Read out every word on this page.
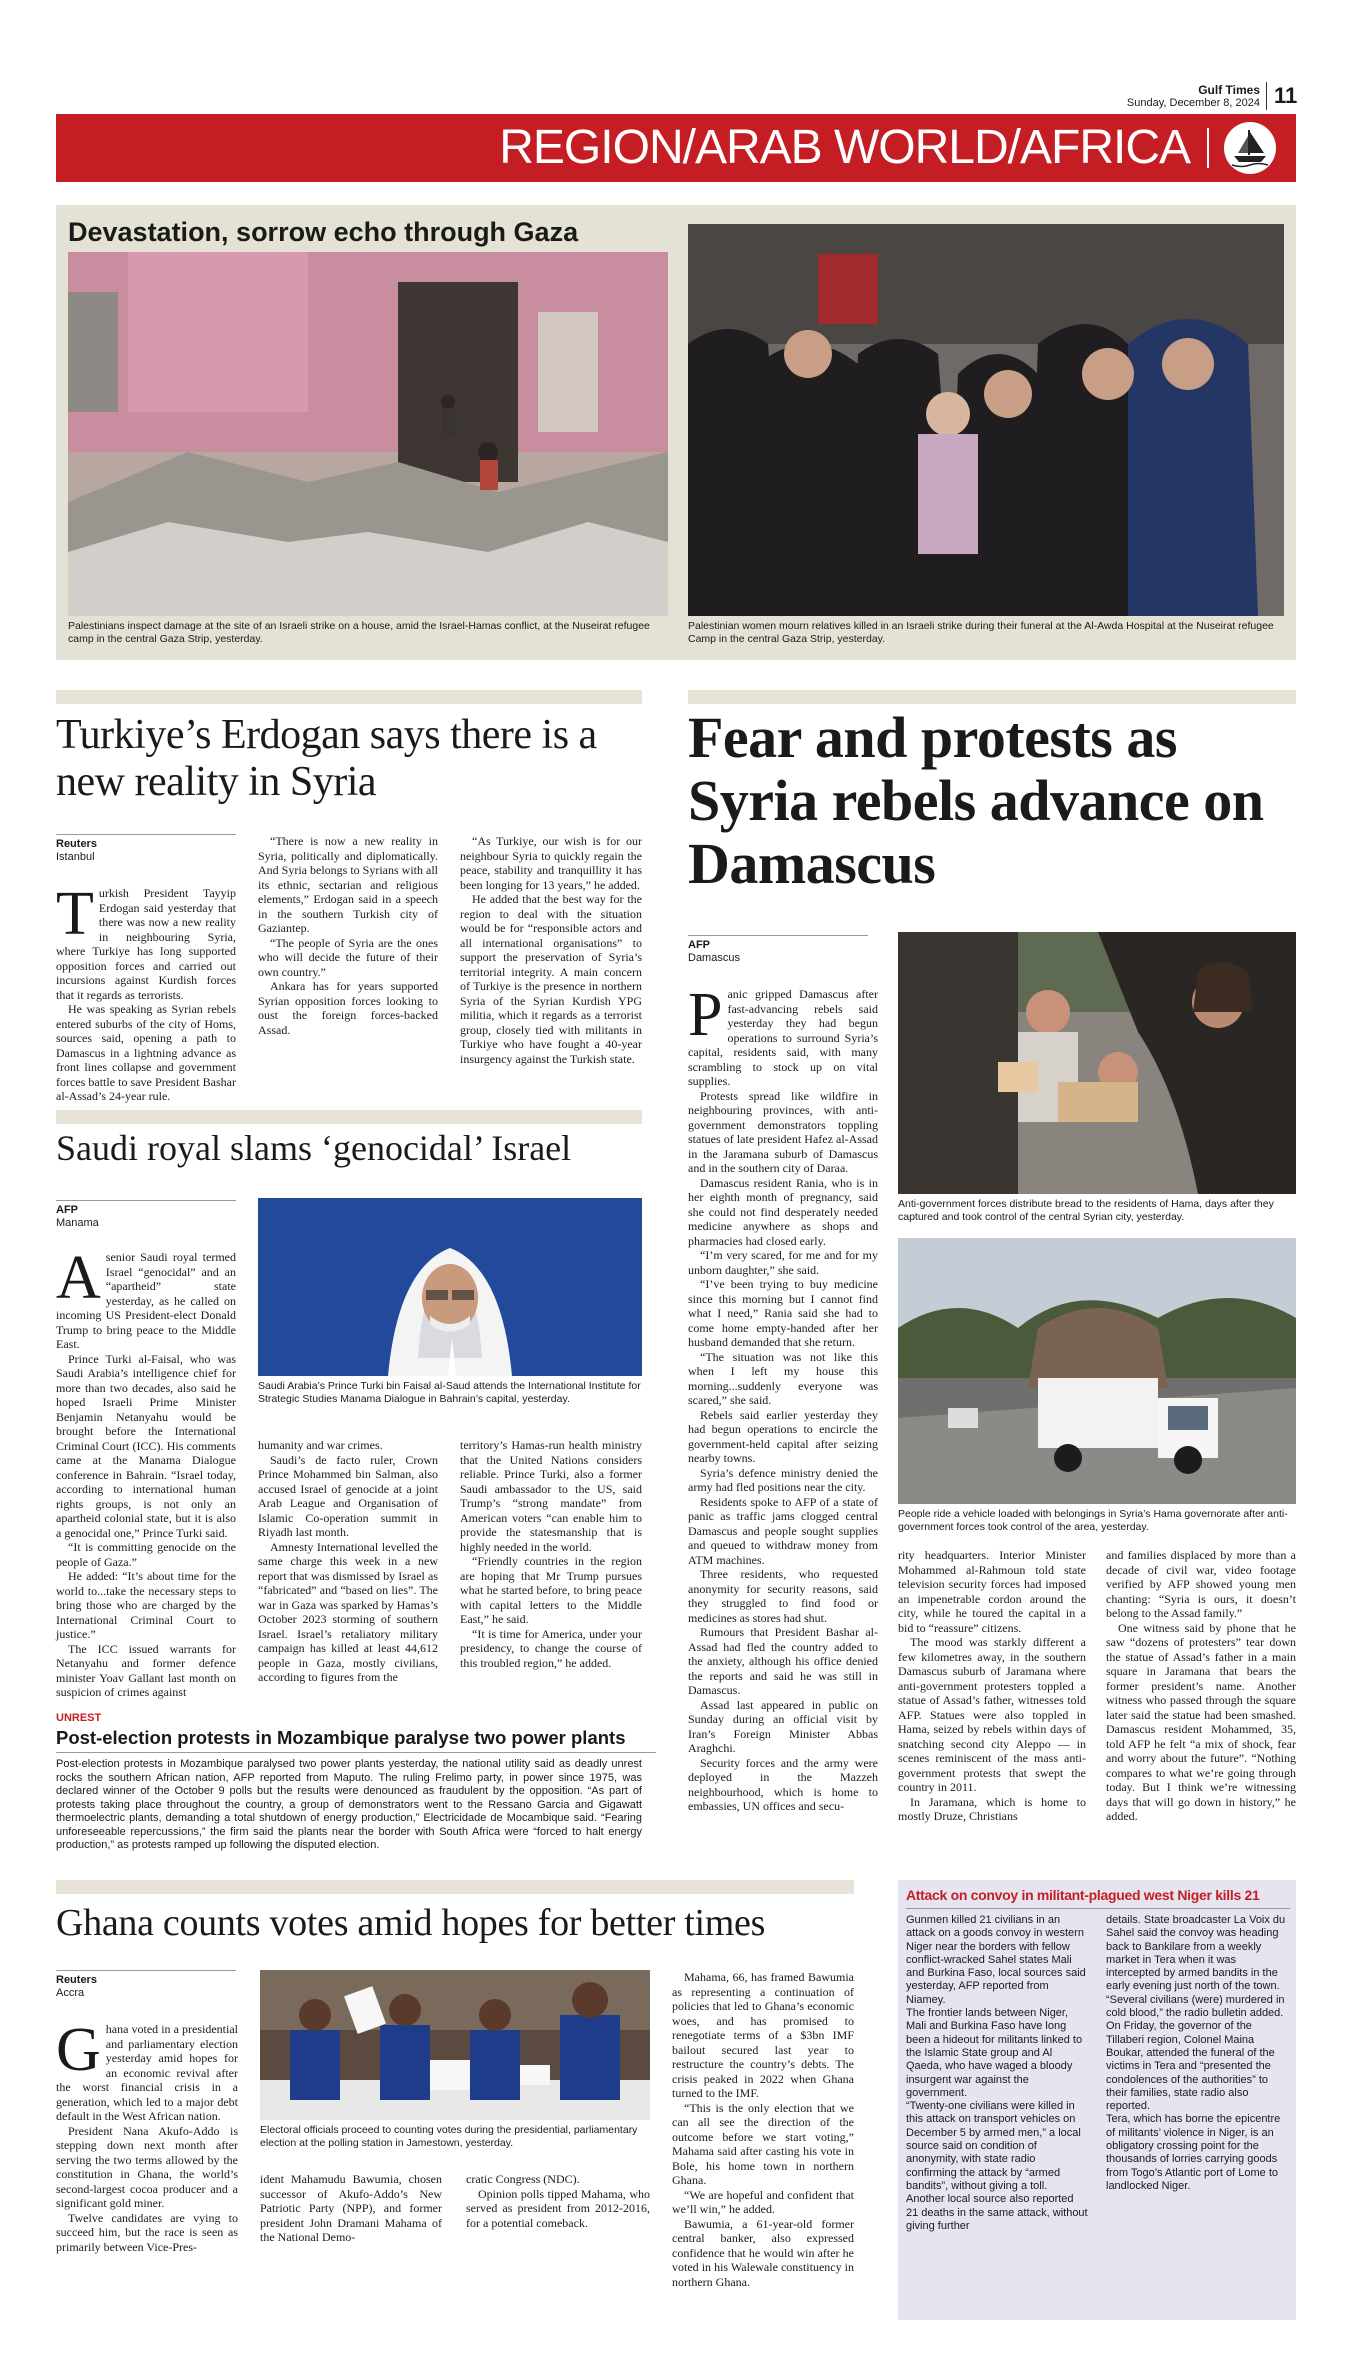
Gulf Times
Sunday, December 8, 2024 11
REGION/ARAB WORLD/AFRICA
Devastation, sorrow echo through Gaza
Palestinians inspect damage at the site of an Israeli strike on a house, amid the Israel-Hamas conflict, at the Nuseirat refugee camp in the central Gaza Strip, yesterday.
Palestinian women mourn relatives killed in an Israeli strike during their funeral at the Al-Awda Hospital at the Nuseirat refugee Camp in the central Gaza Strip, yesterday.
Turkiye’s Erdogan says there is a new reality in Syria
Reuters
Istanbul

Turkish President Tayyip Erdogan said yesterday that there was now a new reality in neighbouring Syria, where Turkiye has long supported opposition forces and carried out incursions against Kurdish forces that it regards as terrorists.

He was speaking as Syrian rebels entered suburbs of the city of Homs, sources said, opening a path to Damascus in a lightning advance as front lines collapse and government forces battle to save President Bashar al-Assad’s 24-year rule.

“There is now a new reality in Syria, politically and diplomatically. And Syria belongs to Syrians with all its ethnic, sectarian and religious elements,” Erdogan said in a speech in the southern Turkish city of Gaziantep.

“The people of Syria are the ones who will decide the future of their own country.”

Ankara has for years supported Syrian opposition forces looking to oust the foreign forces-backed Assad.

“As Turkiye, our wish is for our neighbour Syria to quickly regain the peace, stability and tranquillity it has been longing for 13 years,” he added.

He added that the best way for the region to deal with the situation would be for “responsible actors and all international organisations” to support the preservation of Syria’s territorial integrity. A main concern of Turkiye is the presence in northern Syria of the Syrian Kurdish YPG militia, which it regards as a terrorist group, closely tied with militants in Turkiye who have fought a 40-year insurgency against the Turkish state.

Saudi royal slams ‘genocidal’ Israel
AFP
Manama
Saudi Arabia’s Prince Turki bin Faisal al-Saud attends the International Institute for Strategic Studies Manama Dialogue in Bahrain’s capital, yesterday.

A senior Saudi royal termed Israel “genocidal” and an “apartheid” state yesterday, as he called on incoming US President-elect Donald Trump to bring peace to the Middle East.

Prince Turki al-Faisal, who was Saudi Arabia’s intelligence chief for more than two decades, also said he hoped Israeli Prime Minister Benjamin Netanyahu would be brought before the International Criminal Court (ICC). His comments came at the Manama Dialogue conference in Bahrain. “Israel today, according to international human rights groups, is not only an apartheid colonial state, but it is also a genocidal one,” Prince Turki said.

“It is committing genocide on the people of Gaza.”

He added: “It’s about time for the world to...take the necessary steps to bring those who are charged by the International Criminal Court to justice.”

The ICC issued warrants for Netanyahu and former defence minister Yoav Gallant last month on suspicion of crimes against

humanity and war crimes.

Saudi’s de facto ruler, Crown Prince Mohammed bin Salman, also accused Israel of genocide at a joint Arab League and Organisation of Islamic Co-operation summit in Riyadh last month.

Amnesty International levelled the same charge this week in a new report that was dismissed by Israel as “fabricated” and “based on lies”. The war in Gaza was sparked by Hamas’s October 2023 storming of southern Israel. Israel’s retaliatory military campaign has killed at least 44,612 people in Gaza, mostly civilians, according to figures from the

territory’s Hamas-run health ministry that the United Nations considers reliable. Prince Turki, also a former Saudi ambassador to the US, said Trump’s “strong mandate” from American voters “can enable him to provide the statesmanship that is highly needed in the world.

“Friendly countries in the region are hoping that Mr Trump pursues what he started before, to bring peace with capital letters to the Middle East,” he said.

“It is time for America, under your presidency, to change the course of this troubled region,” he added.

UNREST
Post-election protests in Mozambique paralyse two power plants
Post-election protests in Mozambique paralysed two power plants yesterday, the national utility said as deadly unrest rocks the southern African nation, AFP reported from Maputo. The ruling Frelimo party, in power since 1975, was declared winner of the October 9 polls but the results were denounced as fraudulent by the opposition. “As part of protests taking place throughout the country, a group of demonstrators went to the Ressano Garcia and Gigawatt thermoelectric plants, demanding a total shutdown of energy production,” Electricidade de Mocambique said. “Fearing unforeseeable repercussions,” the firm said the plants near the border with South Africa were “forced to halt energy production,” as protests ramped up following the disputed election.
Fear and protests as Syria rebels advance on Damascus
AFP
Damascus
Anti-government forces distribute bread to the residents of Hama, days after they captured and took control of the central Syrian city, yesterday.
People ride a vehicle loaded with belongings in Syria’s Hama governorate after anti-government forces took control of the area, yesterday.

Panic gripped Damascus after fast-advancing rebels said yesterday they had begun operations to surround Syria’s capital, residents said, with many scrambling to stock up on vital supplies.

Protests spread like wildfire in neighbouring provinces, with anti-government demonstrators toppling statues of late president Hafez al-Assad in the Jaramana suburb of Damascus and in the southern city of Daraa.

Damascus resident Rania, who is in her eighth month of pregnancy, said she could not find desperately needed medicine anywhere as shops and pharmacies had closed early.

“I’m very scared, for me and for my unborn daughter,” she said.

“I’ve been trying to buy medicine since this morning but I cannot find what I need,” Rania said she had to come home empty-handed after her husband demanded that she return.

“The situation was not like this when I left my house this morning...suddenly everyone was scared,” she said.

Rebels said earlier yesterday they had begun operations to encircle the government-held capital after seizing nearby towns.

Syria’s defence ministry denied the army had fled positions near the city.

Residents spoke to AFP of a state of panic as traffic jams clogged central Damascus and people sought supplies and queued to withdraw money from ATM machines.

Three residents, who requested anonymity for security reasons, said they struggled to find food or medicines as stores had shut.

Rumours that President Bashar al-Assad had fled the country added to the anxiety, although his office denied the reports and said he was still in Damascus.

Assad last appeared in public on Sunday during an official visit by Iran’s Foreign Minister Abbas Araghchi.

Security forces and the army were deployed in the Mazzeh neighbourhood, which is home to embassies, UN offices and secu-

rity headquarters. Interior Minister Mohammed al-Rahmoun told state television security forces had imposed an impenetrable cordon around the city, while he toured the capital in a bid to “reassure” citizens.

The mood was starkly different a few kilometres away, in the southern Damascus suburb of Jaramana where anti-government protesters toppled a statue of Assad’s father, witnesses told AFP. Statues were also toppled in Hama, seized by rebels within days of snatching second city Aleppo — in scenes reminiscent of the mass anti-government protests that swept the country in 2011.

In Jaramana, which is home to mostly Druze, Christians

and families displaced by more than a decade of civil war, video footage verified by AFP showed young men chanting: “Syria is ours, it doesn’t belong to the Assad family.”

One witness said by phone that he saw “dozens of protesters” tear down the statue of Assad’s father in a main square in Jaramana that bears the former president’s name. Another witness who passed through the square later said the statue had been smashed. Damascus resident Mohammed, 35, told AFP he felt “a mix of shock, fear and worry about the future”. “Nothing compares to what we’re going through today. But I think we’re witnessing days that will go down in history,” he added.

Ghana counts votes amid hopes for better times
Reuters
Accra
Electoral officials proceed to counting votes during the presidential, parliamentary election at the polling station in Jamestown, yesterday.

Ghana voted in a presidential and parliamentary election yesterday amid hopes for an economic revival after the worst financial crisis in a generation, which led to a major debt default in the West African nation.

President Nana Akufo-Addo is stepping down next month after serving the two terms allowed by the constitution in Ghana, the world’s second-largest cocoa producer and a significant gold miner.

Twelve candidates are vying to succeed him, but the race is seen as primarily between Vice-Pres-

ident Mahamudu Bawumia, chosen successor of Akufo-Addo’s New Patriotic Party (NPP), and former president John Dramani Mahama of the National Demo-

cratic Congress (NDC).

Opinion polls tipped Mahama, who served as president from 2012-2016, for a potential comeback.

Mahama, 66, has framed Bawumia as representing a continuation of policies that led to Ghana’s economic woes, and has promised to renegotiate terms of a $3bn IMF bailout secured last year to restructure the country’s debts. The crisis peaked in 2022 when Ghana turned to the IMF.

“This is the only election that we can all see the direction of the outcome before we start voting,” Mahama said after casting his vote in Bole, his home town in northern Ghana.

“We are hopeful and confident that we’ll win,” he added.

Bawumia, a 61-year-old former central banker, also expressed confidence that he would win after he voted in his Walewale constituency in northern Ghana.

Attack on convoy in militant-plagued west Niger kills 21

Gunmen killed 21 civilians in an attack on a goods convoy in western Niger near the borders with fellow conflict-wracked Sahel states Mali and Burkina Faso, local sources said yesterday, AFP reported from Niamey.

The frontier lands between Niger, Mali and Burkina Faso have long been a hideout for militants linked to the Islamic State group and Al Qaeda, who have waged a bloody insurgent war against the government.

“Twenty-one civilians were killed in this attack on transport vehicles on December 5 by armed men,” a local source said on condition of anonymity, with state radio confirming the attack by “armed bandits”, without giving a toll. Another local source also reported 21 deaths in the same attack, without giving further

details. State broadcaster La Voix du Sahel said the convoy was heading back to Bankilare from a weekly market in Tera when it was intercepted by armed bandits in the early evening just north of the town.

“Several civilians (were) murdered in cold blood,” the radio bulletin added.

On Friday, the governor of the Tillaberi region, Colonel Maina Boukar, attended the funeral of the victims in Tera and “presented the condolences of the authorities” to their families, state radio also reported.

Tera, which has borne the epicentre of militants’ violence in Niger, is an obligatory crossing point for the thousands of lorries carrying goods from Togo’s Atlantic port of Lome to landlocked Niger.
